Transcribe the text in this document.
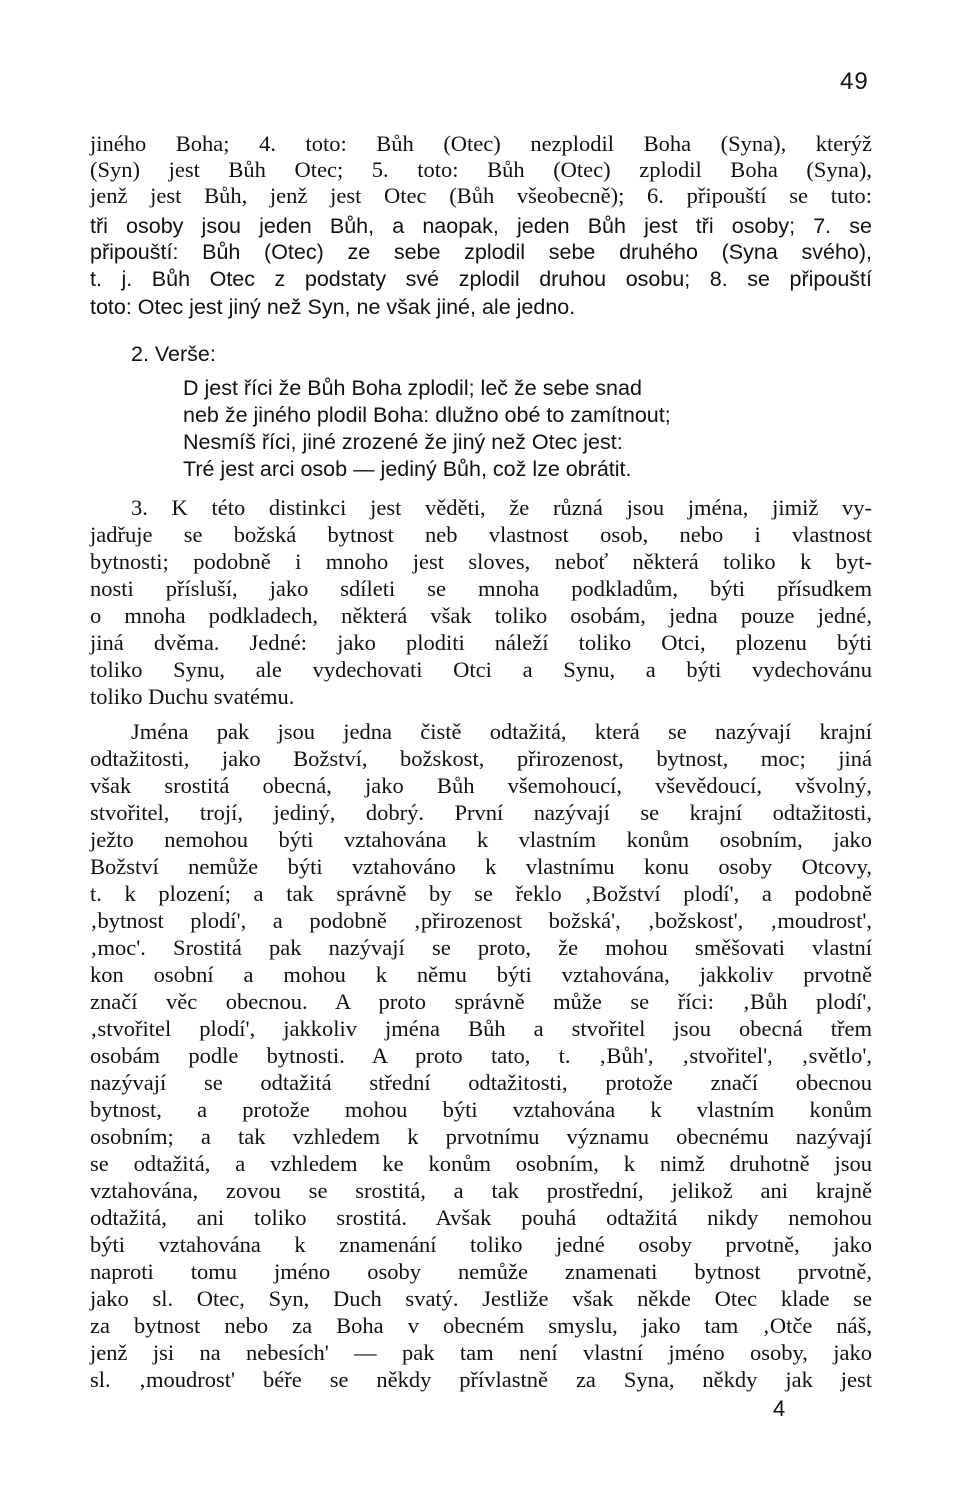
49
jiného Boha; 4. toto: Bůh (Otec) nezplodil Boha (Syna), kterýž
(Syn) jest Bůh Otec; 5. toto: Bůh (Otec) zplodil Boha (Syna),
jenž jest Bůh, jenž jest Otec (Bůh všeobecně); 6. připouští se tuto:
tři osoby jsou jeden Bůh, a naopak, jeden Bůh jest tři osoby; 7. se
připouští: Bůh (Otec) ze sebe zplodil sebe druhého (Syna svého),
t. j. Bůh Otec z podstaty své zplodil druhou osobu; 8. se připouští
toto: Otec jest jiný než Syn, ne však jiné, ale jedno.
2. Verše:
D jest říci že Bůh Boha zplodil; leč že sebe snad
neb že jiného plodil Boha: dlužno obé to zamítnout;
Nesmíš říci, jiné zrozené že jiný než Otec jest:
Tré jest arci osob — jediný Bůh, což lze obrátit.
3. K této distinkci jest věděti, že různá jsou jména, jimiž vy-
jadřuje se božská bytnost neb vlastnost osob, nebo i vlastnost
bytnosti; podobně i mnoho jest sloves, neboť některá toliko k byt-
nosti přísluší, jako sdíleti se mnoha podkladům, býti přísudkem
o mnoha podkladech, některá však toliko osobám, jedna pouze jedné,
jiná dvěma. Jedné: jako ploditi náleží toliko Otci, plozenu býti
toliko Synu, ale vydechovati Otci a Synu, a býti vydechovánu
toliko Duchu svatému.
Jména pak jsou jedna čistě odtažitá, která se nazývají krajní
odtažitosti, jako Božství, božskost, přirozenost, bytnost, moc; jiná
však srostitá obecná, jako Bůh všemohoucí, vševědoucí, všvolný,
stvořitel, trojí, jediný, dobrý. První nazývají se krajní odtažitosti,
ježto nemohou býti vztahována k vlastním konům osobním, jako
Božství nemůže býti vztahováno k vlastnímu konu osoby Otcovy,
t. k plození; a tak správně by se řeklo ‚Božství plodí', a podobně
‚bytnost plodí', a podobně ‚přirozenost božská', ‚božskost', ‚moudrost',
‚moc'. Srostitá pak nazývají se proto, že mohou směšovati vlastní
kon osobní a mohou k němu býti vztahována, jakkoliv prvotně
značí věc obecnou. A proto správně může se říci: ‚Bůh plodí',
‚stvořitel plodí', jakkoliv jména Bůh a stvořitel jsou obecná třem
osobám podle bytnosti. A proto tato, t. ‚Bůh', ‚stvořitel', ‚světlo',
nazývají se odtažitá střední odtažitosti, protože značí obecnou
bytnost, a protože mohou býti vztahována k vlastním konům
osobním; a tak vzhledem k prvotnímu významu obecnému nazývají
se odtažitá, a vzhledem ke konům osobním, k nimž druhotně jsou
vztahována, zovou se srostitá, a tak prostřední, jelikož ani krajně
odtažitá, ani toliko srostitá. Avšak pouhá odtažitá nikdy nemohou
býti vztahována k znamenání toliko jedné osoby prvotně, jako
naproti tomu jméno osoby nemůže znamenati bytnost prvotně,
jako sl. Otec, Syn, Duch svatý. Jestliže však někde Otec klade se
za bytnost nebo za Boha v obecném smyslu, jako tam ‚Otče náš,
jenž jsi na nebesích' — pak tam není vlastní jméno osoby, jako
sl. ‚moudrost' béře se někdy přívlastně za Syna, někdy jak jest
4
